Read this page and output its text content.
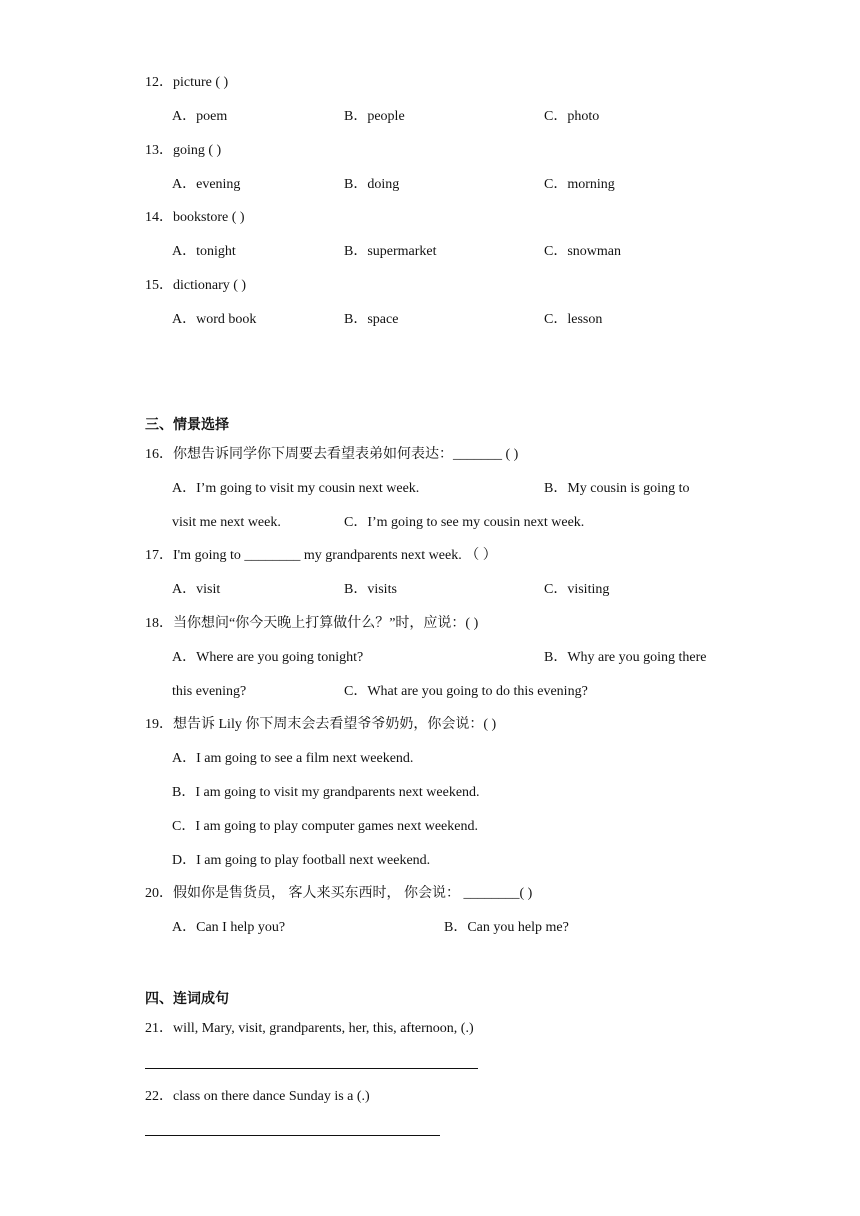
12．picture ( )
A．poem	B．people	C．photo
13．going ( )
A．evening	B．doing	C．morning
14．bookstore ( )
A．tonight	B．supermarket	C．snowman
15．dictionary ( )
A．word book	B．space	C．lesson
三、情景选择
16．你想告诉同学你下周要去看望表弟如何表达：_______ ( )
A．I’m going to visit my cousin next week.	B．My cousin is going to
visit me next week.	C．I’m going to see my cousin next week.
17．I'm going to ________ my grandparents next week. （ ）
A．visit	B．visits	C．visiting
18．当你想问“你今天晚上打算做什么？”时，应说：( )
A．Where are you going tonight?	B．Why are you going there
this evening?	C．What are you going to do this evening?
19．想告诉 Lily 你下周末会去看望爷爷奶奶，你会说：( )
A．I am going to see a film next weekend.
B．I am going to visit my grandparents next weekend.
C．I am going to play computer games next weekend.
D．I am going to play football next weekend.
20．假如你是售货员， 客人来买东西时， 你会说： ________( )
A．Can I help you?	B．Can you help me?
四、连词成句
21．will, Mary, visit, grandparents, her, this, afternoon, (.)
22．class on there dance Sunday is a (.)
